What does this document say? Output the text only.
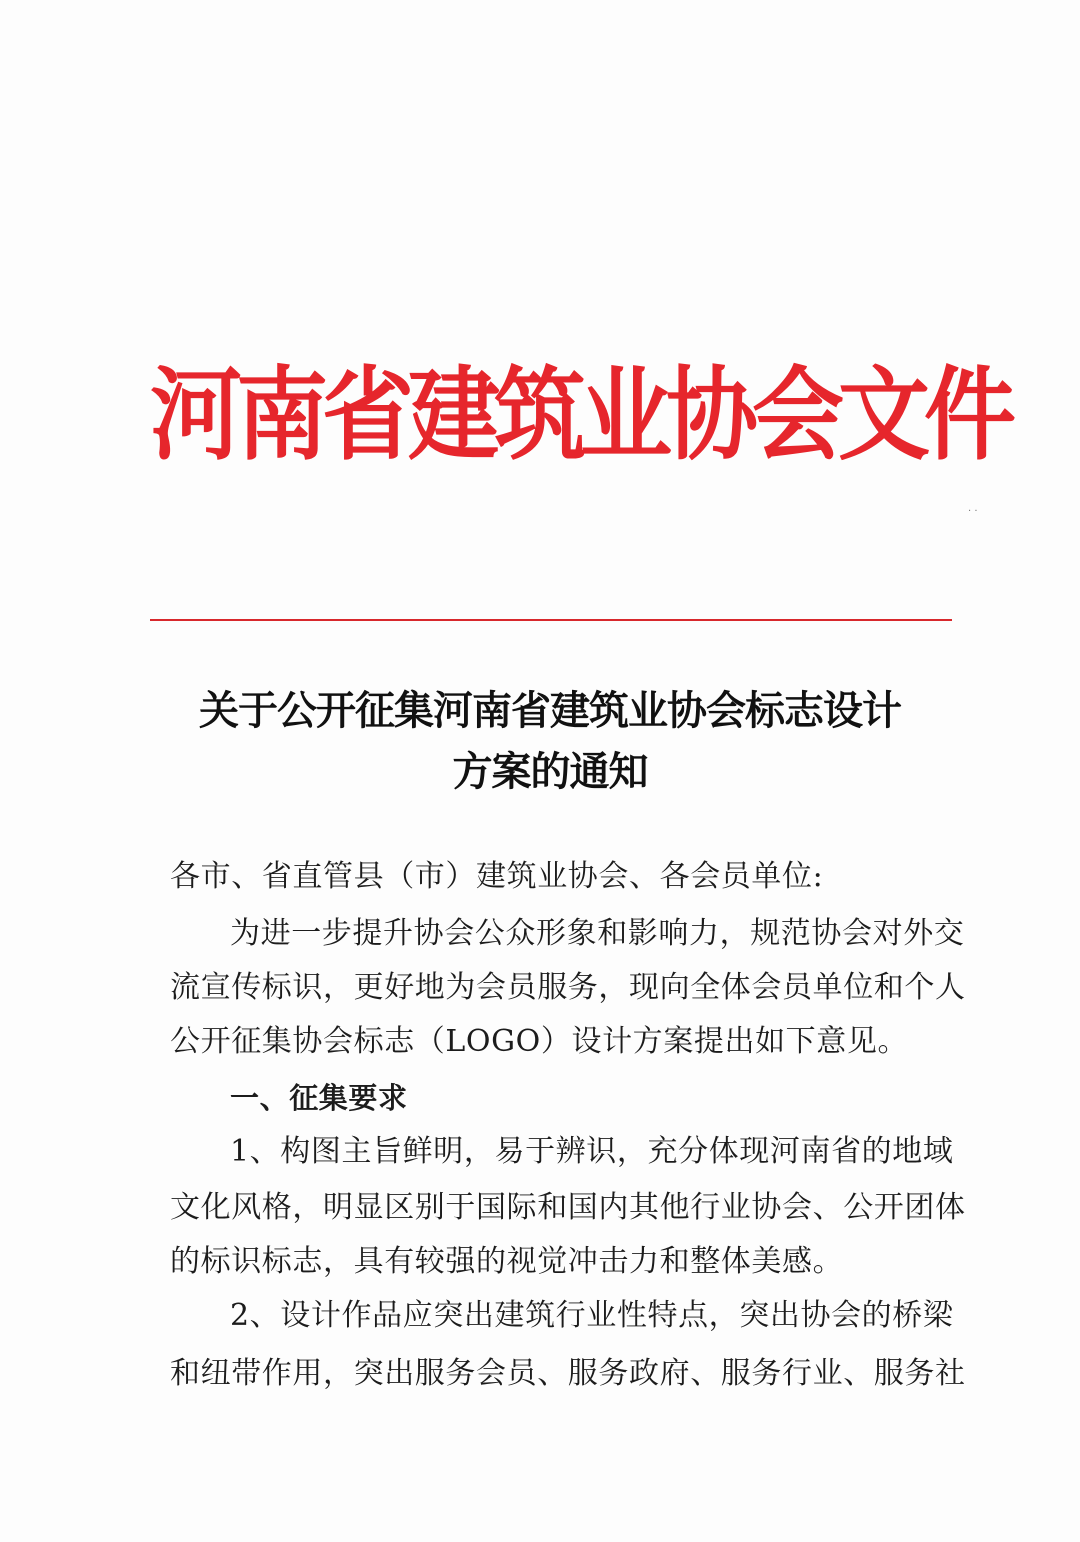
河南省建筑业协会文件
· ·
关于公开征集河南省建筑业协会标志设计
方案的通知
各市、省直管县（市）建筑业协会、各会员单位:
为进一步提升协会公众形象和影响力，规范协会对外交
流宣传标识，更好地为会员服务，现向全体会员单位和个人
公开征集协会标志（LOGO）设计方案提出如下意见。
一、征集要求
1、构图主旨鲜明，易于辨识，充分体现河南省的地域
文化风格，明显区别于国际和国内其他行业协会、公开团体
的标识标志，具有较强的视觉冲击力和整体美感。
2、设计作品应突出建筑行业性特点，突出协会的桥梁
和纽带作用，突出服务会员、服务政府、服务行业、服务社
